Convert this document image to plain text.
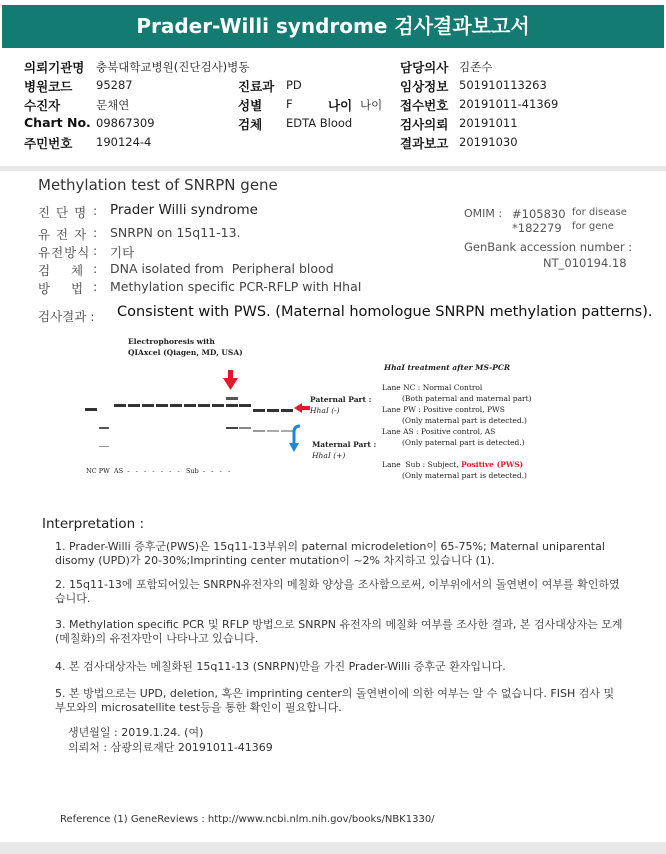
Prader-Willi syndrome 검사결과보고서
의뢰기관명 충북대학교병원(진단검사)병동	담당의사 김존수
병원코드 95287	진료과 PD	임상정보 501910113263
수진자	문채연	성별 F	나이 나이 접수번호 20191011-41369
Chart No. 09867309	검체 EDTA Blood	검사의뢰 20191011
주민번호 190124-4	결과보고 20191030
Methylation test of SNRPN gene
진 단 명 : Prader Willi syndrome
유 전 자 : SNRPN on 15q11-13.
유전방식 : 기타
검    체 : DNA isolated from  Peripheral blood
방    법 : Methylation specific PCR-RFLP with HhaI
OMIM : #105830 for disease
*182279 for gene
GenBank accession number :
NT_010194.18
검사결과 : Consistent with PWS. (Maternal homologue SNRPN methylation patterns).
Electrophoresis with
QIAxcel (Qiagen, MD, USA)
Paternal Part :
HhaI (-)
Maternal Part :
HhaI (+)
NC PW  AS  -   -   -   -   -   -   -   Sub  -   -   -   -
HhaI treatment after MS-PCR
Lane NC : Normal Control
(Both paternal and maternal part)
Lane PW : Positive control, PWS
(Only maternal part is detected.)
Lane AS : Positive control, AS
(Only paternal part is detected.)
Lane  Sub : Subject, Positive (PWS)
(Only maternal part is detected.)
Interpretation :
1. Prader-Willi 증후군(PWS)은 15q11-13부위의 paternal microdeletion이 65-75%; Maternal uniparental disomy (UPD)가 20-30%;Imprinting center mutation이 ~2% 차지하고 있습니다 (1).
2. 15q11-13에 포함되어있는 SNRPN유전자의 메칠화 양상을 조사함으로써, 이부위에서의 돌연변이 여부를 확인하였습니다.
3. Methylation specific PCR 및 RFLP 방법으로 SNRPN 유전자의 메칠화 여부를 조사한 결과, 본 검사대상자는 모계(메칠화)의 유전자만이 나타나고 있습니다.
4. 본 검사대상자는 메칠화된 15q11-13 (SNRPN)만을 가진 Prader-Willi 증후군 환자입니다.
5. 본 방법으로는 UPD, deletion, 혹은 imprinting center의 돌연변이에 의한 여부는 알 수 없습니다. FISH 검사 및 부모와의 microsatellite test등을 통한 확인이 필요합니다.
생년월일 : 2019.1.24. (여)
의뢰처 : 삼광의료재단 20191011-41369
Reference (1) GeneReviews : http://www.ncbi.nlm.nih.gov/books/NBK1330/
